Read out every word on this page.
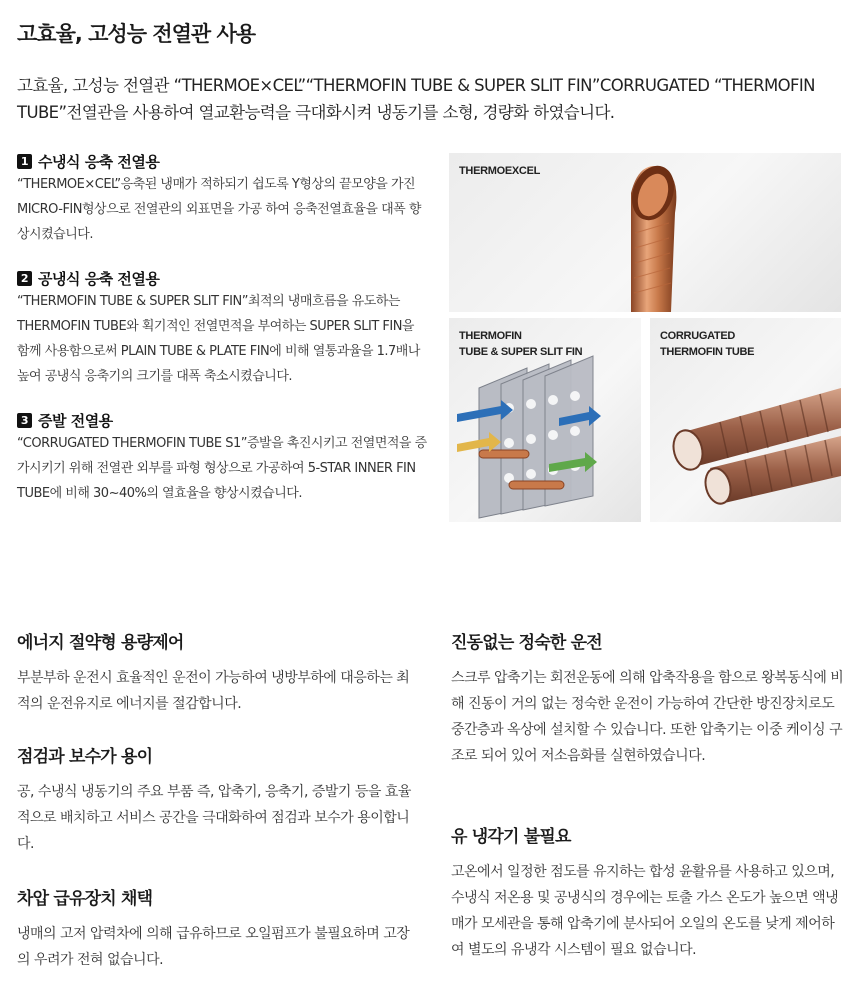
고효율, 고성능 전열관 사용
고효율, 고성능 전열관 “THERMOE×CEL”“THERMOFIN TUBE & SUPER SLIT FIN”CORRUGATED “THERMOFIN TUBE”전열관을 사용하여 열교환능력을 극대화시켜 냉동기를 소형, 경량화 하였습니다.
1 수냉식 응축 전열용
“THERMOE×CEL”응축된 냉매가 적하되기 쉽도록 Y형상의 끝모양을 가진 MICRO-FIN형상으로 전열관의 외표면을 가공 하여 응축전열효율을 대폭 향상시켰습니다.
2 공냉식 응축 전열용
“THERMOFIN TUBE & SUPER SLIT FIN”최적의 냉매흐름을 유도하는 THERMOFIN TUBE와 획기적인 전열면적을 부여하는 SUPER SLIT FIN을 함께 사용함으로써 PLAIN TUBE & PLATE FIN에 비해 열통과율을 1.7배나 높여 공냉식 응축기의 크기를 대폭 축소시켰습니다.
3 증발 전열용
“CORRUGATED THERMOFIN TUBE S1”증발을 촉진시키고 전열면적을 증가시키기 위해 전열관 외부를 파형 형상으로 가공하여 5-STAR INNER FIN TUBE에 비해 30~40%의 열효율을 향상시켰습니다.
THERMOEXCEL
THERMOFIN
TUBE & SUPER SLIT FIN
CORRUGATED
THERMOFIN TUBE
에너지 절약형 용량제어
부분부하 운전시 효율적인 운전이 가능하여 냉방부하에 대응하는 최적의 운전유지로 에너지를 절감합니다.
점검과 보수가 용이
공, 수냉식 냉동기의 주요 부품 즉, 압축기, 응축기, 증발기 등을 효율적으로 배치하고 서비스 공간을 극대화하여 점검과 보수가 용이합니다.
차압 급유장치 채택
냉매의 고저 압력차에 의해 급유하므로 오일펌프가 불필요하며 고장의 우려가 전혀 없습니다.
진동없는 정숙한 운전
스크루 압축기는 회전운동에 의해 압축작용을 함으로 왕복동식에 비해 진동이 거의 없는 정숙한 운전이 가능하여 간단한 방진장치로도 중간층과 옥상에 설치할 수 있습니다. 또한 압축기는 이중 케이싱 구조로 되어 있어 저소음화를 실현하였습니다.
유 냉각기 불필요
고온에서 일정한 점도를 유지하는 합성 윤활유를 사용하고 있으며, 수냉식 저온용 및 공냉식의 경우에는 토출 가스 온도가 높으면 액냉매가 모세관을 통해 압축기에 분사되어 오일의 온도를 낮게 제어하여 별도의 유냉각 시스템이 필요 없습니다.
